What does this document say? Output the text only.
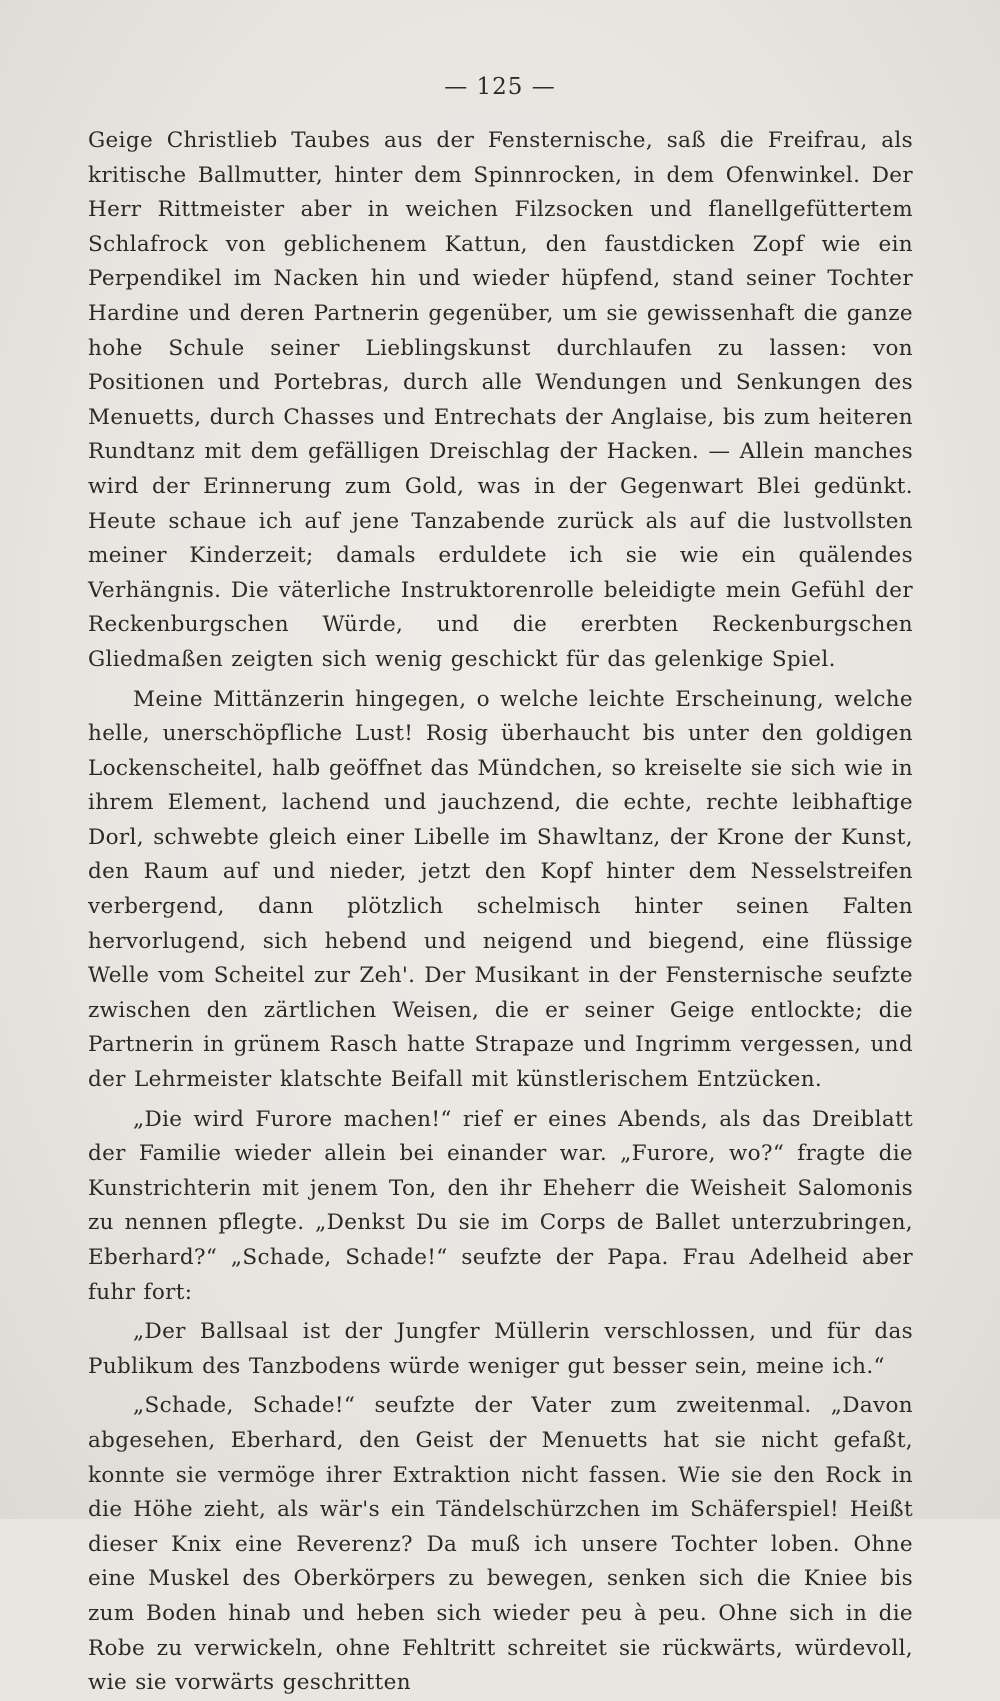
— 125 —

Geige Christlieb Taubes aus der Fensternische, saß die Freifrau, als kritische Ballmutter, hinter dem Spinnrocken, in dem Ofenwinkel. Der Herr Rittmeister aber in weichen Filzsocken und flanellgefüttertem Schlafrock von geblichenem Kattun, den faustdicken Zopf wie ein Perpendikel im Nacken hin und wieder hüpfend, stand seiner Tochter Hardine und deren Partnerin gegenüber, um sie gewissenhaft die ganze hohe Schule seiner Lieblingskunst durchlaufen zu lassen: von Positionen und Portebras, durch alle Wendungen und Senkungen des Menuetts, durch Chasses und Entrechats der Anglaise, bis zum heiteren Rundtanz mit dem gefälligen Dreischlag der Hacken. — Allein manches wird der Erinnerung zum Gold, was in der Gegenwart Blei gedünkt. Heute schaue ich auf jene Tanzabende zurück als auf die lustvollsten meiner Kinderzeit; damals erduldete ich sie wie ein quälendes Verhängnis. Die väterliche Instruktorenrolle beleidigte mein Gefühl der Reckenburgschen Würde, und die ererbten Reckenburgschen Gliedmaßen zeigten sich wenig geschickt für das gelenkige Spiel.

Meine Mittänzerin hingegen, o welche leichte Erscheinung, welche helle, unerschöpfliche Lust! Rosig überhaucht bis unter den goldigen Lockenscheitel, halb geöffnet das Mündchen, so kreiselte sie sich wie in ihrem Element, lachend und jauchzend, die echte, rechte leibhaftige Dorl, schwebte gleich einer Libelle im Shawltanz, der Krone der Kunst, den Raum auf und nieder, jetzt den Kopf hinter dem Nesselstreifen verbergend, dann plötzlich schelmisch hinter seinen Falten hervorlugend, sich hebend und neigend und biegend, eine flüssige Welle vom Scheitel zur Zeh'. Der Musikant in der Fensternische seufzte zwischen den zärtlichen Weisen, die er seiner Geige entlockte; die Partnerin in grünem Rasch hatte Strapaze und Ingrimm vergessen, und der Lehrmeister klatschte Beifall mit künstlerischem Entzücken.

„Die wird Furore machen!“ rief er eines Abends, als das Dreiblatt der Familie wieder allein bei einander war. „Furore, wo?“ fragte die Kunstrichterin mit jenem Ton, den ihr Eheherr die Weisheit Salomonis zu nennen pflegte. „Denkst Du sie im Corps de Ballet unterzubringen, Eberhard?“ „Schade, Schade!“ seufzte der Papa. Frau Adelheid aber fuhr fort:

„Der Ballsaal ist der Jungfer Müllerin verschlossen, und für das Publikum des Tanzbodens würde weniger gut besser sein, meine ich.“

„Schade, Schade!“ seufzte der Vater zum zweitenmal. „Davon abgesehen, Eberhard, den Geist der Menuetts hat sie nicht gefaßt, konnte sie vermöge ihrer Extraktion nicht fassen. Wie sie den Rock in die Höhe zieht, als wär's ein Tändelschürzchen im Schäferspiel! Heißt dieser Knix eine Reverenz? Da muß ich unsere Tochter loben. Ohne eine Muskel des Oberkörpers zu bewegen, senken sich die Kniee bis zum Boden hinab und heben sich wieder peu à peu. Ohne sich in die Robe zu verwickeln, ohne Fehltritt schreitet sie rückwärts, würdevoll, wie sie vorwärts geschritten
